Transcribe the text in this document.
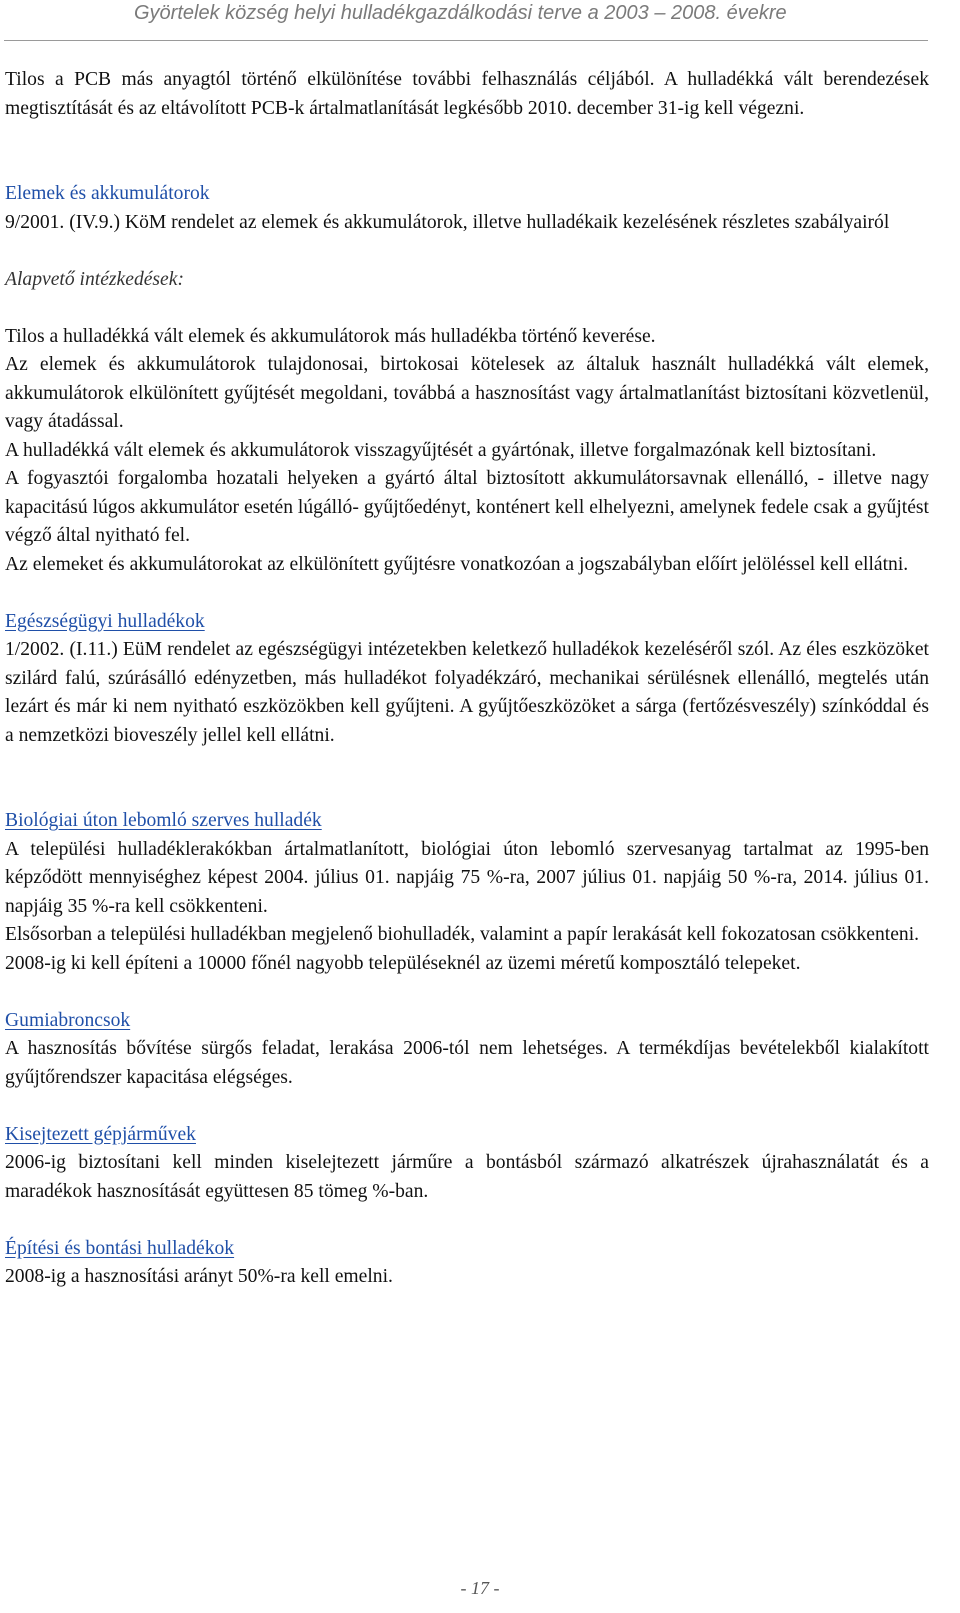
Györtelek község helyi hulladékgazdálkodási terve a 2003 – 2008. évekre

Tilos a PCB más anyagtól történő elkülönítése további felhasználás céljából. A hulladékká vált berendezések megtisztítását és az eltávolított PCB-k ártalmatlanítását legkésőbb 2010. december 31-ig kell végezni.

Elemek és akkumulátorok

9/2001. (IV.9.) KöM rendelet az elemek és akkumulátorok, illetve hulladékaik kezelésének részletes szabályairól

Alapvető intézkedések:

Tilos a hulladékká vált elemek és akkumulátorok más hulladékba történő keverése.

Az elemek és akkumulátorok tulajdonosai, birtokosai kötelesek az általuk használt hulladékká vált elemek, akkumulátorok elkülönített gyűjtését megoldani, továbbá a hasznosítást vagy ártalmatlanítást biztosítani közvetlenül, vagy átadással.

A hulladékká vált elemek és akkumulátorok visszagyűjtését a gyártónak, illetve forgalmazónak kell biztosítani.

A fogyasztói forgalomba hozatali helyeken a gyártó által biztosított akkumulátorsavnak ellenálló, - illetve nagy kapacitású lúgos akkumulátor esetén lúgálló- gyűjtőedényt, konténert kell elhelyezni, amelynek fedele csak a gyűjtést végző által nyitható fel.

Az elemeket és akkumulátorokat az elkülönített gyűjtésre vonatkozóan a jogszabályban előírt jelöléssel kell ellátni.

Egészségügyi hulladékok

1/2002. (I.11.) EüM rendelet az egészségügyi intézetekben keletkező hulladékok kezeléséről szól. Az éles eszközöket szilárd falú, szúrásálló edényzetben, más hulladékot folyadékzáró, mechanikai sérülésnek ellenálló, megtelés után lezárt és már ki nem nyitható eszközökben kell gyűjteni. A gyűjtőeszközöket a sárga (fertőzésveszély) színkóddal és a nemzetközi bioveszély jellel kell ellátni.

Biológiai úton lebomló szerves hulladék

A települési hulladéklerakókban ártalmatlanított, biológiai úton lebomló szervesanyag tartalmat az 1995-ben képződött mennyiséghez képest 2004. július 01. napjáig 75 %-ra, 2007 július 01. napjáig 50 %-ra, 2014. július 01. napjáig 35 %-ra kell csökkenteni.

Elsősorban a települési hulladékban megjelenő biohulladék, valamint a papír lerakását kell fokozatosan csökkenteni.

2008-ig ki kell építeni a 10000 főnél nagyobb településeknél az üzemi méretű komposztáló telepeket.

Gumiabroncsok

A hasznosítás bővítése sürgős feladat, lerakása 2006-tól nem lehetséges. A termékdíjas bevételekből kialakított gyűjtőrendszer kapacitása elégséges.

Kisejtezett gépjárművek

2006-ig biztosítani kell minden kiselejtezett járműre a bontásból származó alkatrészek újrahasználatát és a maradékok hasznosítását együttesen 85 tömeg %-ban.

Építési és bontási hulladékok

2008-ig a hasznosítási arányt 50%-ra kell emelni.

- 17 -
